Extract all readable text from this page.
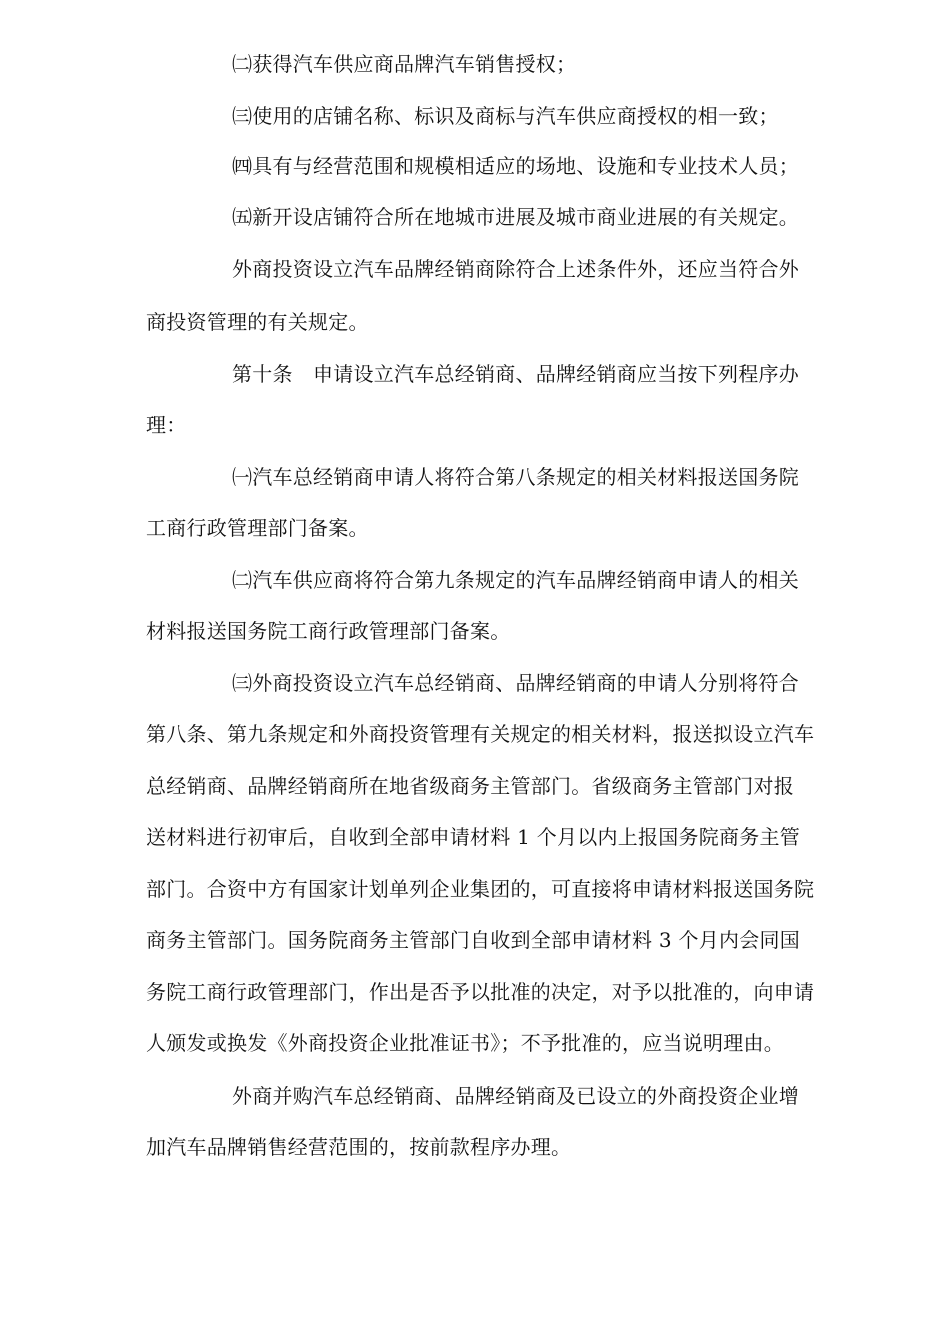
㈡获得汽车供应商品牌汽车销售授权；
㈢使用的店铺名称、标识及商标与汽车供应商授权的相一致；
㈣具有与经营范围和规模相适应的场地、设施和专业技术人员；
㈤新开设店铺符合所在地城市进展及城市商业进展的有关规定。
外商投资设立汽车品牌经销商除符合上述条件外，还应当符合外
商投资管理的有关规定。
第十条　申请设立汽车总经销商、品牌经销商应当按下列程序办
理：
㈠汽车总经销商申请人将符合第八条规定的相关材料报送国务院
工商行政管理部门备案。
㈡汽车供应商将符合第九条规定的汽车品牌经销商申请人的相关
材料报送国务院工商行政管理部门备案。
㈢外商投资设立汽车总经销商、品牌经销商的申请人分别将符合
第八条、第九条规定和外商投资管理有关规定的相关材料，报送拟设立汽车
总经销商、品牌经销商所在地省级商务主管部门。省级商务主管部门对报
送材料进行初审后，自收到全部申请材料 1 个月以内上报国务院商务主管
部门。合资中方有国家计划单列企业集团的，可直接将申请材料报送国务院
商务主管部门。国务院商务主管部门自收到全部申请材料 3 个月内会同国
务院工商行政管理部门，作出是否予以批准的决定，对予以批准的，向申请
人颁发或换发《外商投资企业批准证书》；不予批准的，应当说明理由。
外商并购汽车总经销商、品牌经销商及已设立的外商投资企业增
加汽车品牌销售经营范围的，按前款程序办理。
